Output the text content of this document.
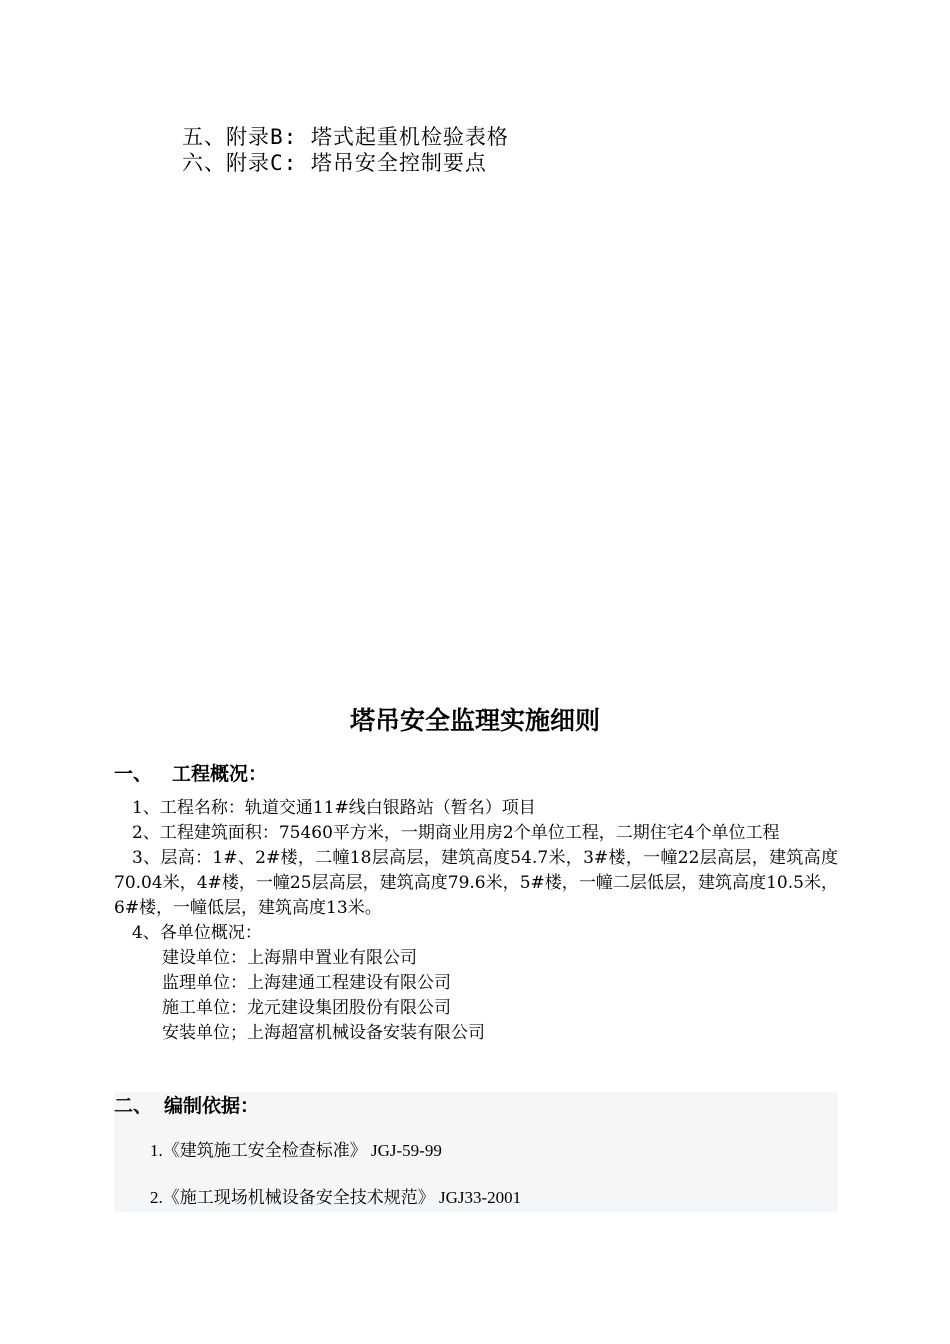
五、附录B: 塔式起重机检验表格
六、附录C: 塔吊安全控制要点
塔吊安全监理实施细则
一、 工程概况：
1、工程名称：轨道交通11#线白银路站（暂名）项目
2、工程建筑面积：75460平方米，一期商业用房2个单位工程，二期住宅4个单位工程
3、层高：1#、2#楼，二幢18层高层，建筑高度54.7米，3#楼，一幢22层高层，建筑高度70.04米，4#楼，一幢25层高层，建筑高度79.6米，5#楼，一幢二层低层，建筑高度10.5米，6#楼，一幢低层，建筑高度13米。
4、各单位概况：
建设单位：上海鼎申置业有限公司
监理单位：上海建通工程建设有限公司
施工单位：龙元建设集团股份有限公司
安装单位；上海超富机械设备安装有限公司
二、 编制依据：
1.《建筑施工安全检查标准》 JGJ-59-99
2.《施工现场机械设备安全技术规范》 JGJ33-2001
